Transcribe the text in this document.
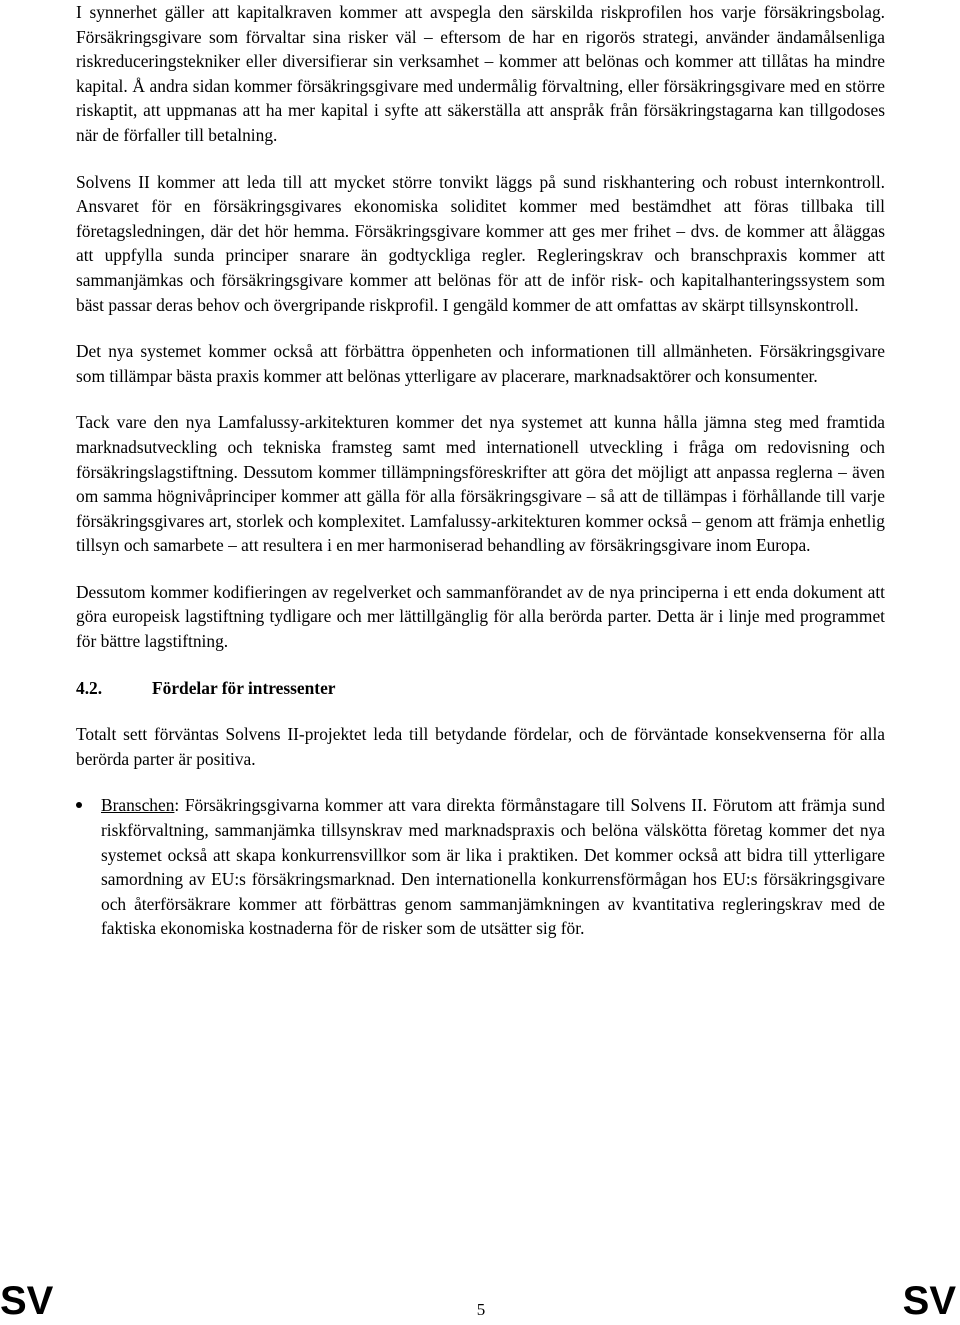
I synnerhet gäller att kapitalkraven kommer att avspegla den särskilda riskprofilen hos varje försäkringsbolag. Försäkringsgivare som förvaltar sina risker väl – eftersom de har en rigorös strategi, använder ändamålsenliga riskreduceringstekniker eller diversifierar sin verksamhet – kommer att belönas och kommer att tillåtas ha mindre kapital. Å andra sidan kommer försäkringsgivare med undermålig förvaltning, eller försäkringsgivare med en större riskaptit, att uppmanas att ha mer kapital i syfte att säkerställa att anspråk från försäkringstagarna kan tillgodoses när de förfaller till betalning.

Solvens II kommer att leda till att mycket större tonvikt läggs på sund riskhantering och robust internkontroll. Ansvaret för en försäkringsgivares ekonomiska soliditet kommer med bestämdhet att föras tillbaka till företagsledningen, där det hör hemma. Försäkringsgivare kommer att ges mer frihet – dvs. de kommer att åläggas att uppfylla sunda principer snarare än godtyckliga regler. Regleringskrav och branschpraxis kommer att sammanjämkas och försäkringsgivare kommer att belönas för att de inför risk- och kapitalhanteringssystem som bäst passar deras behov och övergripande riskprofil. I gengäld kommer de att omfattas av skärpt tillsynskontroll.

Det nya systemet kommer också att förbättra öppenheten och informationen till allmänheten. Försäkringsgivare som tillämpar bästa praxis kommer att belönas ytterligare av placerare, marknadsaktörer och konsumenter.

Tack vare den nya Lamfalussy-arkitekturen kommer det nya systemet att kunna hålla jämna steg med framtida marknadsutveckling och tekniska framsteg samt med internationell utveckling i fråga om redovisning och försäkringslagstiftning. Dessutom kommer tillämpningsföreskrifter att göra det möjligt att anpassa reglerna – även om samma högnivåprinciper kommer att gälla för alla försäkringsgivare – så att de tillämpas i förhållande till varje försäkringsgivares art, storlek och komplexitet. Lamfalussy-arkitekturen kommer också – genom att främja enhetlig tillsyn och samarbete – att resultera i en mer harmoniserad behandling av försäkringsgivare inom Europa.

Dessutom kommer kodifieringen av regelverket och sammanförandet av de nya principerna i ett enda dokument att göra europeisk lagstiftning tydligare och mer lättillgänglig för alla berörda parter. Detta är i linje med programmet för bättre lagstiftning.

4.2.	Fördelar för intressenter

Totalt sett förväntas Solvens II-projektet leda till betydande fördelar, och de förväntade konsekvenserna för alla berörda parter är positiva.

Branschen: Försäkringsgivarna kommer att vara direkta förmånstagare till Solvens II. Förutom att främja sund riskförvaltning, sammanjämka tillsynskrav med marknadspraxis och belöna välskötta företag kommer det nya systemet också att skapa konkurrensvillkor som är lika i praktiken. Det kommer också att bidra till ytterligare samordning av EU:s försäkringsmarknad. Den internationella konkurrensförmågan hos EU:s försäkringsgivare och återförsäkrare kommer att förbättras genom sammanjämkningen av kvantitativa regleringskrav med de faktiska ekonomiska kostnaderna för de risker som de utsätter sig för.
SV	5	SV
